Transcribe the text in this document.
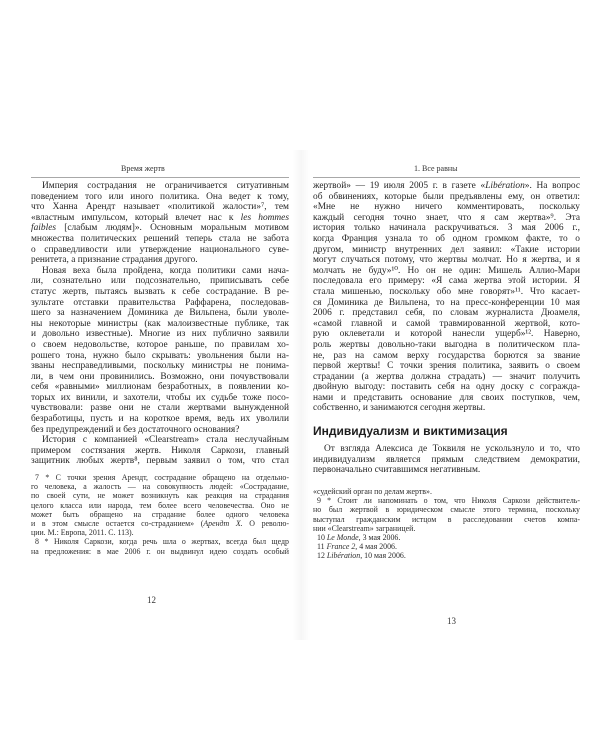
Время жертв
Империя сострадания не ограничивается ситуативным
поведением того или иного политика. Она ведет к тому,
что Ханна Арендт называет «политикой жалости»⁷, тем
«властным импульсом, который влечет нас к les hommes
faibles [слабым людям]». Основным моральным мотивом
множества политических решений теперь стала не забота
о справедливости или утверждение национального суве-
ренитета, а признание страдания другого.
Новая веха была пройдена, когда политики сами нача-
ли, сознательно или подсознательно, приписывать себе
статус жертв, пытаясь вызвать к себе сострадание. В ре-
зультате отставки правительства Раффарена, последовав-
шего за назначением Доминика де Вильпена, были уволе-
ны некоторые министры (как малоизвестные публике, так
и довольно известные). Многие из них публично заявили
о своем недовольстве, которое раньше, по правилам хо-
рошего тона, нужно было скрывать: увольнения были на-
званы несправедливыми, поскольку министры не понима-
ли, в чем они провинились. Возможно, они почувствовали
себя «равными» миллионам безработных, в появлении ко-
торых их винили, и захотели, чтобы их судьбе тоже посо-
чувствовали: разве они не стали жертвами вынужденной
безработицы, пусть и на короткое время, ведь их уволили
без предупреждений и без достаточного основания?
История с компанией «Clearstream» стала неслучайным
примером состязания жертв. Николя Саркози, главный
защитник любых жертв⁸, первым заявил о том, что стал
7 * С точки зрения Арендт, сострадание обращено на отдельно-
го человека, а жалость — на совокупность людей: «Сострадание,
по своей сути, не может возникнуть как реакция на страдания
целого класса или народа, тем более всего человечества. Оно не
может быть обращено на страдание более одного человека
и в этом смысле остается со-страданием» (Арендт Х. О револю-
ции. М.: Европа, 2011. С. 113).
8 * Николя Саркози, когда речь шла о жертвах, всегда был щедр
на предложения: в мае 2006 г. он выдвинул идею создать особый
12
1. Все равны
жертвой» — 19 июля 2005 г. в газете «Libération». На вопрос
об обвинениях, которые были предъявлены ему, он ответил:
«Мне не нужно ничего комментировать, поскольку
каждый сегодня точно знает, что я сам жертва»⁹. Эта
история только начинала раскручиваться. 3 мая 2006 г.,
когда Франция узнала то об одном громком факте, то о
другом, министр внутренних дел заявил: «Такие истории
могут случаться потому, что жертвы молчат. Но я жертва, и я
молчать не буду»¹⁰. Но он не один: Мишель Аллио-Мари
последовала его примеру: «Я сама жертва этой истории. Я
стала мишенью, поскольку обо мне говорят»¹¹. Что касает-
ся Доминика де Вильпена, то на пресс-конференции 10 мая
2006 г. представил себя, по словам журналиста Дюамеля,
«самой главной и самой травмированной жертвой, кото-
рую оклеветали и которой нанесли ущерб»¹². Наверно,
роль жертвы довольно-таки выгодна в политическом пла-
не, раз на самом верху государства борются за звание
первой жертвы! С точки зрения политика, заявить о своем
страдании (а жертва должна страдать) — значит получить
двойную выгоду: поставить себя на одну доску с согражда-
нами и представить основание для своих поступков, чем,
собственно, и занимаются сегодня жертвы.
Индивидуализм и виктимизация
От взгляда Алексиса де Токвиля не ускользнуло и то, что
индивидуализм является прямым следствием демократии,
первоначально считавшимся негативным.
«судейский орган по делам жертв».
9 * Стоит ли напоминать о том, что Николя Саркози действитель-
но был жертвой в юридическом смысле этого термина, поскольку
выступал гражданским истцом в расследовании счетов компа-
нии «Clearstream» заграницей.
10 Le Monde, 3 мая 2006.
11 France 2, 4 мая 2006.
12 Libération, 10 мая 2006.
13
